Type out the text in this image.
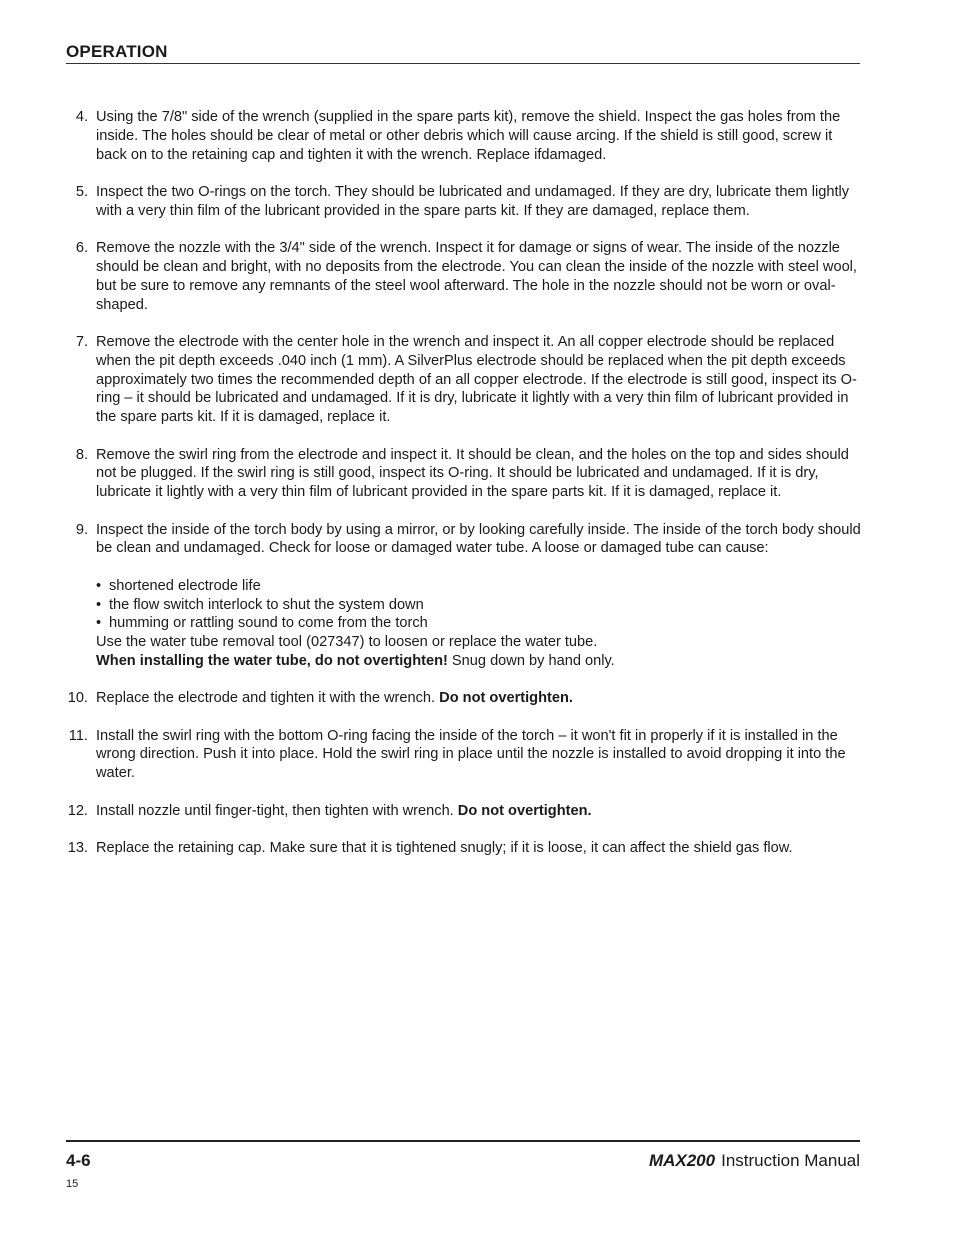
OPERATION
4. Using the 7/8" side of the wrench (supplied in the spare parts kit), remove the shield. Inspect the gas holes from the inside. The holes should be clear of metal or other debris which will cause arcing. If the shield is still good, screw it back on to the retaining cap and tighten it with the wrench. Replace ifdamaged.

5. Inspect the two O-rings on the torch. They should be lubricated and undamaged. If they are dry, lubricate them lightly with a very thin film of the lubricant provided in the spare parts kit. If they are damaged, replace them.

6. Remove the nozzle with the 3/4" side of the wrench. Inspect it for damage or signs of wear. The inside of the nozzle should be clean and bright, with no deposits from the electrode. You can clean the inside of the nozzle with steel wool, but be sure to remove any remnants of the steel wool afterward. The hole in the nozzle should not be worn or oval-shaped.

7. Remove the electrode with the center hole in the wrench and inspect it. An all copper electrode should be replaced when the pit depth exceeds .040 inch (1 mm). A SilverPlus electrode should be replaced when the pit depth exceeds approximately two times the recommended depth of an all copper electrode. If the electrode is still good, inspect its O-ring – it should be lubricated and undamaged. If it is dry, lubricate it lightly with a very thin film of lubricant provided in the spare parts kit. If it is damaged, replace it.

8. Remove the swirl ring from the electrode and inspect it. It should be clean, and the holes on the top and sides should not be plugged. If the swirl ring is still good, inspect its O-ring. It should be lubricated and undamaged. If it is dry, lubricate it lightly with a very thin film of lubricant provided in the spare parts kit. If it is damaged, replace it.

9. Inspect the inside of the torch body by using a mirror, or by looking carefully inside. The inside of the torch body should be clean and undamaged. Check for loose or damaged water tube. A loose or damaged tube can cause:

• shortened electrode life
• the flow switch interlock to shut the system down
• humming or rattling sound to come from the torch

Use the water tube removal tool (027347) to loosen or replace the water tube.
When installing the water tube, do not overtighten! Snug down by hand only.

10. Replace the electrode and tighten it with the wrench. Do not overtighten.

11. Install the swirl ring with the bottom O-ring facing the inside of the torch – it won't fit in properly if it is installed in the wrong direction. Push it into place. Hold the swirl ring in place until the nozzle is installed to avoid dropping it into the water.

12. Install nozzle until finger-tight, then tighten with wrench. Do not overtighten.

13. Replace the retaining cap. Make sure that it is tightened snugly; if it is loose, it can affect the shield gas flow.

4-6	MAX200 Instruction Manual
15
